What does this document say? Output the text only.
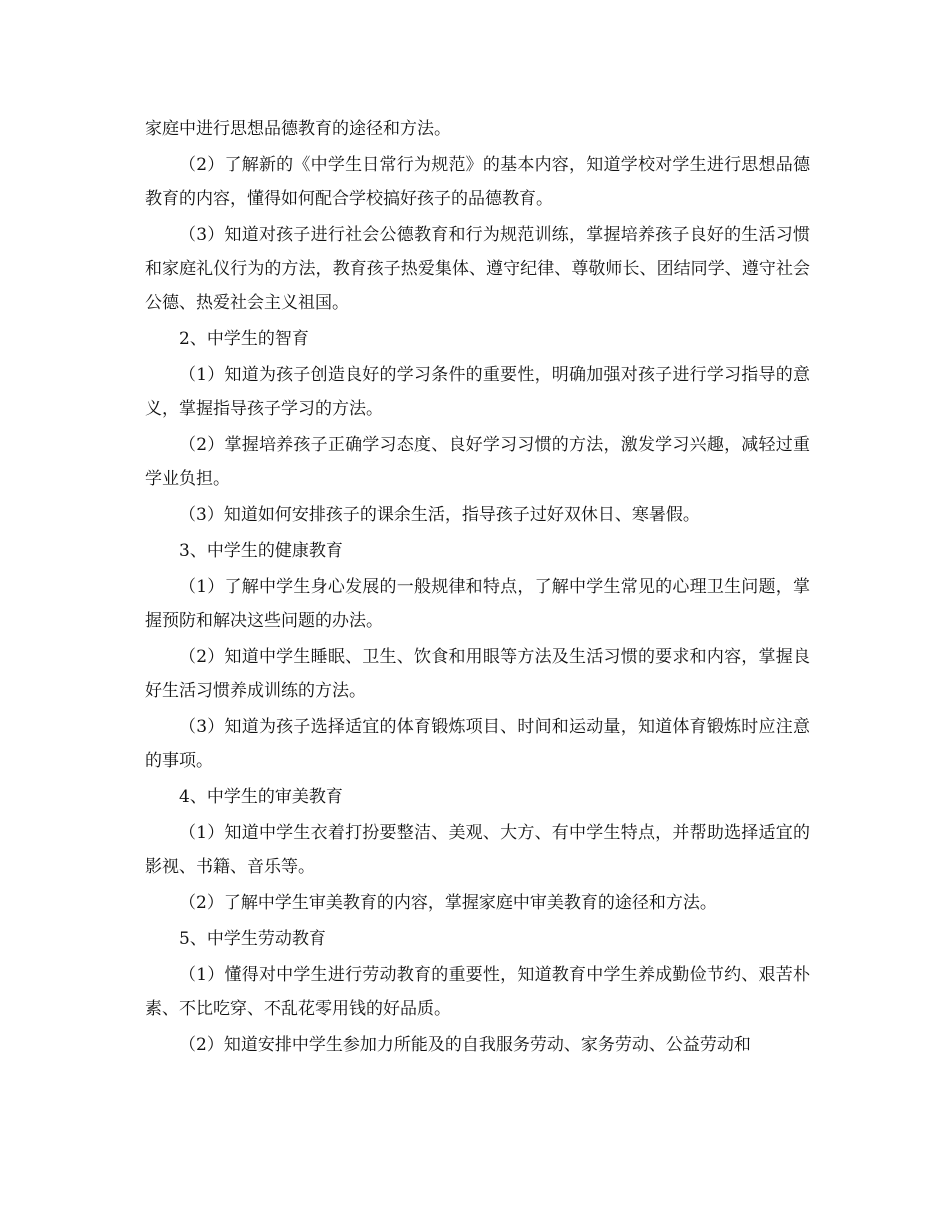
家庭中进行思想品德教育的途径和方法。

（2）了解新的《中学生日常行为规范》的基本内容，知道学校对学生进行思想品德教育的内容，懂得如何配合学校搞好孩子的品德教育。

（3）知道对孩子进行社会公德教育和行为规范训练，掌握培养孩子良好的生活习惯和家庭礼仪行为的方法，教育孩子热爱集体、遵守纪律、尊敬师长、团结同学、遵守社会公德、热爱社会主义祖国。

2、中学生的智育

（1）知道为孩子创造良好的学习条件的重要性，明确加强对孩子进行学习指导的意义，掌握指导孩子学习的方法。

（2）掌握培养孩子正确学习态度、良好学习习惯的方法，激发学习兴趣，减轻过重学业负担。

（3）知道如何安排孩子的课余生活，指导孩子过好双休日、寒暑假。

3、中学生的健康教育

（1）了解中学生身心发展的一般规律和特点，了解中学生常见的心理卫生问题，掌握预防和解决这些问题的办法。

（2）知道中学生睡眠、卫生、饮食和用眼等方法及生活习惯的要求和内容，掌握良好生活习惯养成训练的方法。

（3）知道为孩子选择适宜的体育锻炼项目、时间和运动量，知道体育锻炼时应注意的事项。

4、中学生的审美教育

（1）知道中学生衣着打扮要整洁、美观、大方、有中学生特点，并帮助选择适宜的影视、书籍、音乐等。

（2）了解中学生审美教育的内容，掌握家庭中审美教育的途径和方法。

5、中学生劳动教育

（1）懂得对中学生进行劳动教育的重要性，知道教育中学生养成勤俭节约、艰苦朴素、不比吃穿、不乱花零用钱的好品质。

（2）知道安排中学生参加力所能及的自我服务劳动、家务劳动、公益劳动和
